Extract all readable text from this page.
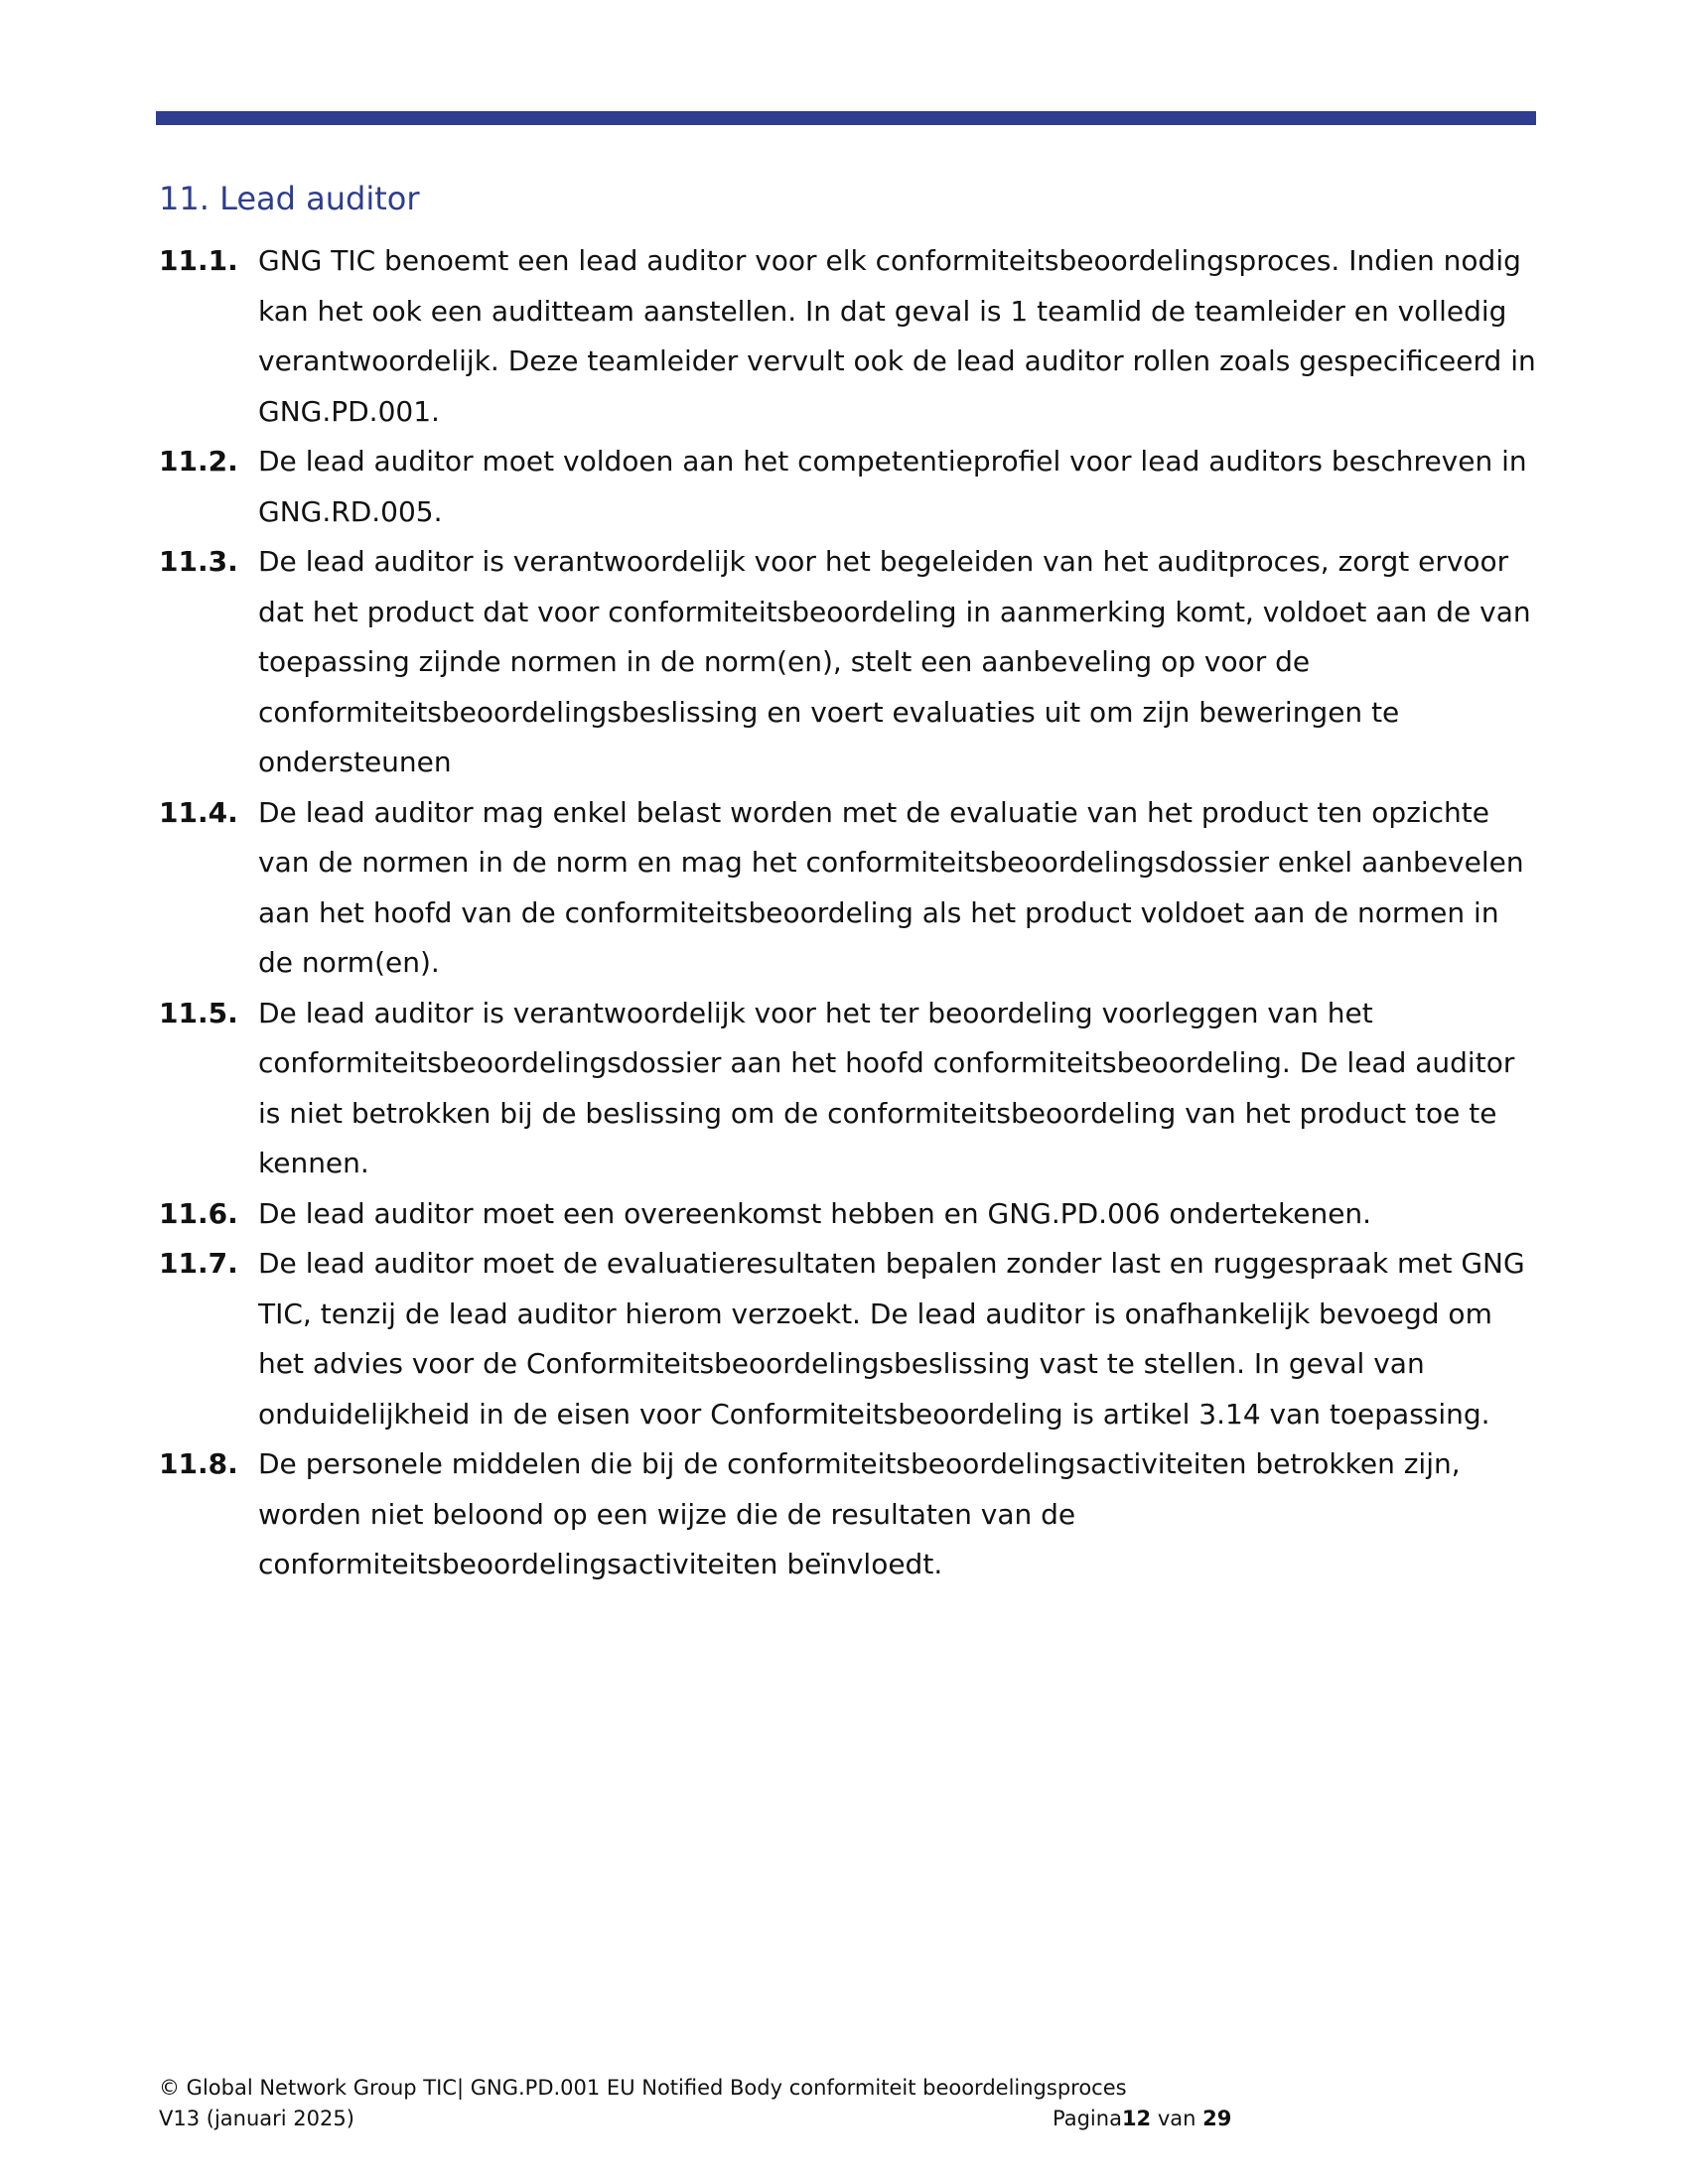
11. Lead auditor
11.1. GNG TIC benoemt een lead auditor voor elk conformiteitsbeoordelingsproces. Indien nodig kan het ook een auditteam aanstellen. In dat geval is 1 teamlid de teamleider en volledig verantwoordelijk. Deze teamleider vervult ook de lead auditor rollen zoals gespecificeerd in GNG.PD.001.
11.2. De lead auditor moet voldoen aan het competentieprofiel voor lead auditors beschreven in GNG.RD.005.
11.3. De lead auditor is verantwoordelijk voor het begeleiden van het auditproces, zorgt ervoor dat het product dat voor conformiteitsbeoordeling in aanmerking komt, voldoet aan de van toepassing zijnde normen in de norm(en), stelt een aanbeveling op voor de conformiteitsbeoordelingsbeslissing en voert evaluaties uit om zijn beweringen te ondersteunen
11.4. De lead auditor mag enkel belast worden met de evaluatie van het product ten opzichte van de normen in de norm en mag het conformiteitsbeoordelingsdossier enkel aanbevelen aan het hoofd van de conformiteitsbeoordeling als het product voldoet aan de normen in de norm(en).
11.5. De lead auditor is verantwoordelijk voor het ter beoordeling voorleggen van het conformiteitsbeoordelingsdossier aan het hoofd conformiteitsbeoordeling. De lead auditor is niet betrokken bij de beslissing om de conformiteitsbeoordeling van het product toe te kennen.
11.6. De lead auditor moet een overeenkomst hebben en GNG.PD.006 ondertekenen.
11.7. De lead auditor moet de evaluatieresultaten bepalen zonder last en ruggespraak met GNG TIC, tenzij de lead auditor hierom verzoekt. De lead auditor is onafhankelijk bevoegd om het advies voor de Conformiteitsbeoordelingsbeslissing vast te stellen. In geval van onduidelijkheid in de eisen voor Conformiteitsbeoordeling is artikel 3.14 van toepassing.
11.8. De personele middelen die bij de conformiteitsbeoordelingsactiviteiten betrokken zijn, worden niet beloond op een wijze die de resultaten van de conformiteitsbeoordelingsactiviteiten beïnvloedt.
© Global Network Group TIC| GNG.PD.001 EU Notified Body conformiteit beoordelingsproces
V13 (januari 2025)	Pagina12 van 29
